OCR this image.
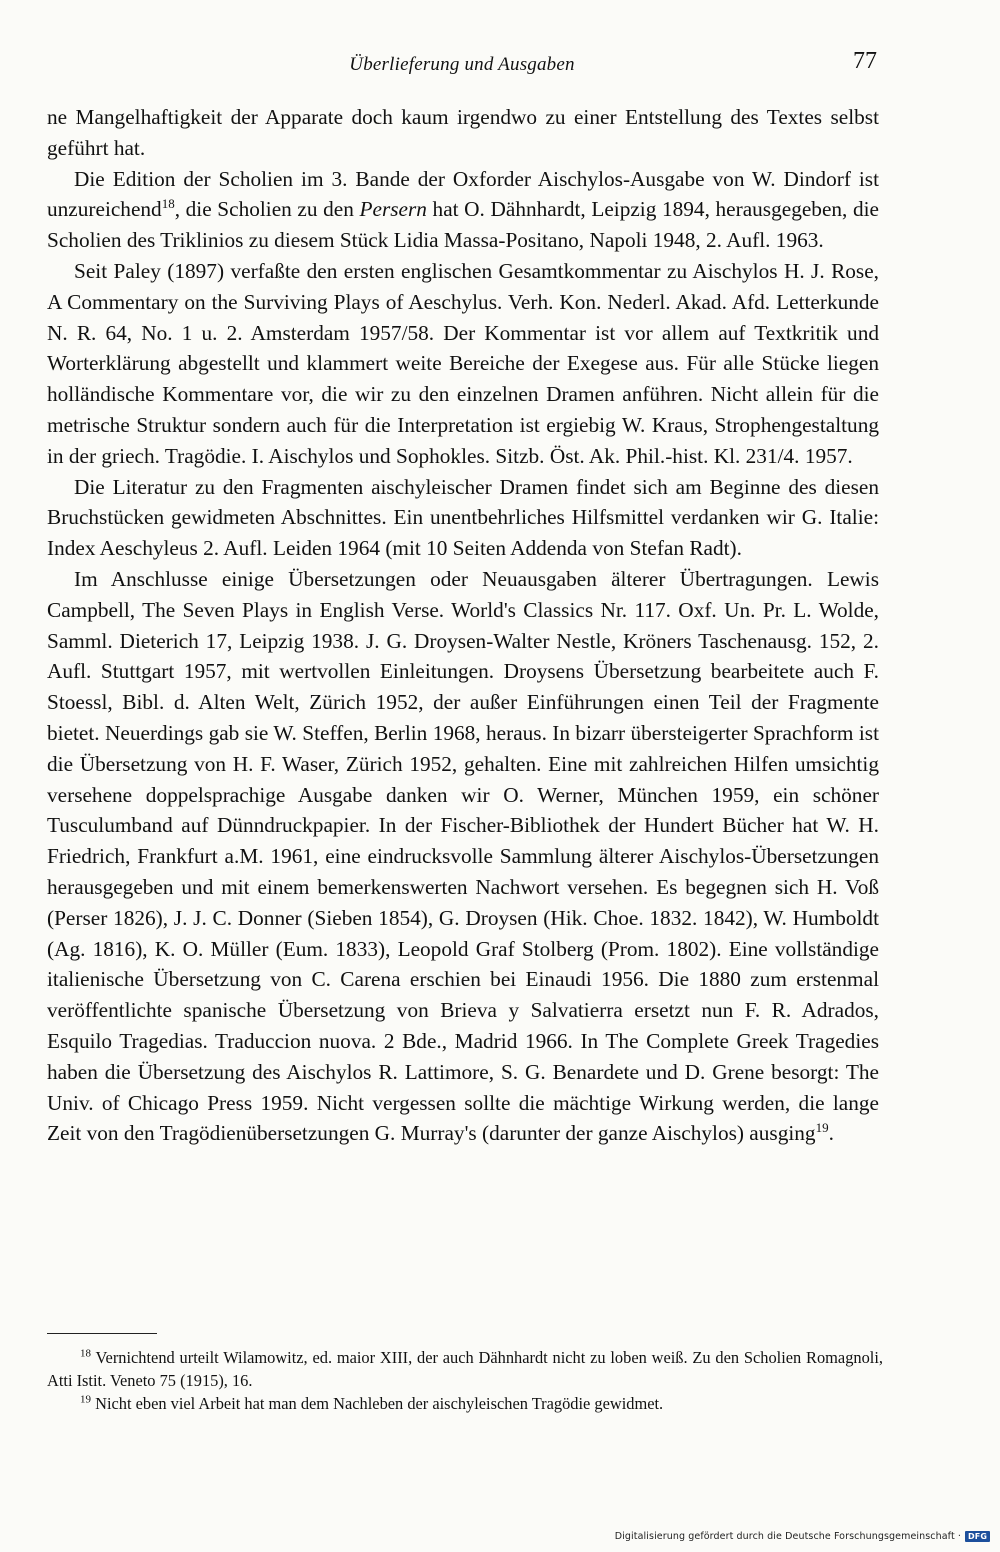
Überlieferung und Ausgaben	77

ne Mangelhaftigkeit der Apparate doch kaum irgendwo zu einer Entstellung des Textes selbst geführt hat.

Die Edition der Scholien im 3. Bande der Oxforder Aischylos-Ausgabe von W. Dindorf ist unzureichend$^{18}$, die Scholien zu den Persern hat O. Dähnhardt, Leipzig 1894, herausgegeben, die Scholien des Triklinios zu diesem Stück Lidia Massa-Positano, Napoli 1948, 2. Aufl. 1963.

Seit Paley (1897) verfaßte den ersten englischen Gesamtkommentar zu Aischylos H. J. Rose, A Commentary on the Surviving Plays of Aeschylus. Verh. Kon. Nederl. Akad. Afd. Letterkunde N. R. 64, No. 1 u. 2. Amsterdam 1957/58. Der Kommentar ist vor allem auf Textkritik und Worterklärung abgestellt und klammert weite Bereiche der Exegese aus. Für alle Stücke liegen holländische Kommentare vor, die wir zu den einzelnen Dramen anführen. Nicht allein für die metrische Struktur sondern auch für die Interpretation ist ergiebig W. Kraus, Strophengestaltung in der griech. Tragödie. I. Aischylos und Sophokles. Sitzb. Öst. Ak. Phil.-hist. Kl. 231/4. 1957.

Die Literatur zu den Fragmenten aischyleischer Dramen findet sich am Beginne des diesen Bruchstücken gewidmeten Abschnittes. Ein unentbehrliches Hilfsmittel verdanken wir G. Italie: Index Aeschyleus 2. Aufl. Leiden 1964 (mit 10 Seiten Addenda von Stefan Radt).

Im Anschlusse einige Übersetzungen oder Neuausgaben älterer Übertragungen. Lewis Campbell, The Seven Plays in English Verse. World's Classics Nr. 117. Oxf. Un. Pr. L. Wolde, Samml. Dieterich 17, Leipzig 1938. J. G. Droysen-Walter Nestle, Kröners Taschenausg. 152, 2. Aufl. Stuttgart 1957, mit wertvollen Einleitungen. Droysens Übersetzung bearbeitete auch F. Stoessl, Bibl. d. Alten Welt, Zürich 1952, der außer Einführungen einen Teil der Fragmente bietet. Neuerdings gab sie W. Steffen, Berlin 1968, heraus. In bizarr übersteigerter Sprachform ist die Übersetzung von H. F. Waser, Zürich 1952, gehalten. Eine mit zahlreichen Hilfen umsichtig versehene doppelsprachige Ausgabe danken wir O. Werner, München 1959, ein schöner Tusculumband auf Dünndruckpapier. In der Fischer-Bibliothek der Hundert Bücher hat W. H. Friedrich, Frankfurt a.M. 1961, eine eindrucksvolle Sammlung älterer Aischylos-Übersetzungen herausgegeben und mit einem bemerkenswerten Nachwort versehen. Es begegnen sich H. Voß (Perser 1826), J. J. C. Donner (Sieben 1854), G. Droysen (Hik. Choe. 1832. 1842), W. Humboldt (Ag. 1816), K. O. Müller (Eum. 1833), Leopold Graf Stolberg (Prom. 1802). Eine vollständige italienische Übersetzung von C. Carena erschien bei Einaudi 1956. Die 1880 zum erstenmal veröffentlichte spanische Übersetzung von Brieva y Salvatierra ersetzt nun F. R. Adrados, Esquilo Tragedias. Traduccion nuova. 2 Bde., Madrid 1966. In The Complete Greek Tragedies haben die Übersetzung des Aischylos R. Lattimore, S. G. Benardete und D. Grene besorgt: The Univ. of Chicago Press 1959. Nicht vergessen sollte die mächtige Wirkung werden, die lange Zeit von den Tragödienübersetzungen G. Murray's (darunter der ganze Aischylos) ausging$^{19}$.

$^{18}$ Vernichtend urteilt Wilamowitz, ed. maior XIII, der auch Dähnhardt nicht zu loben weiß. Zu den Scholien Romagnoli, Atti Istit. Veneto 75 (1915), 16.

$^{19}$ Nicht eben viel Arbeit hat man dem Nachleben der aischyleischen Tragödie gewidmet.

Digitalisierung gefördert durch die Deutsche Forschungsgemeinschaft · DFG
